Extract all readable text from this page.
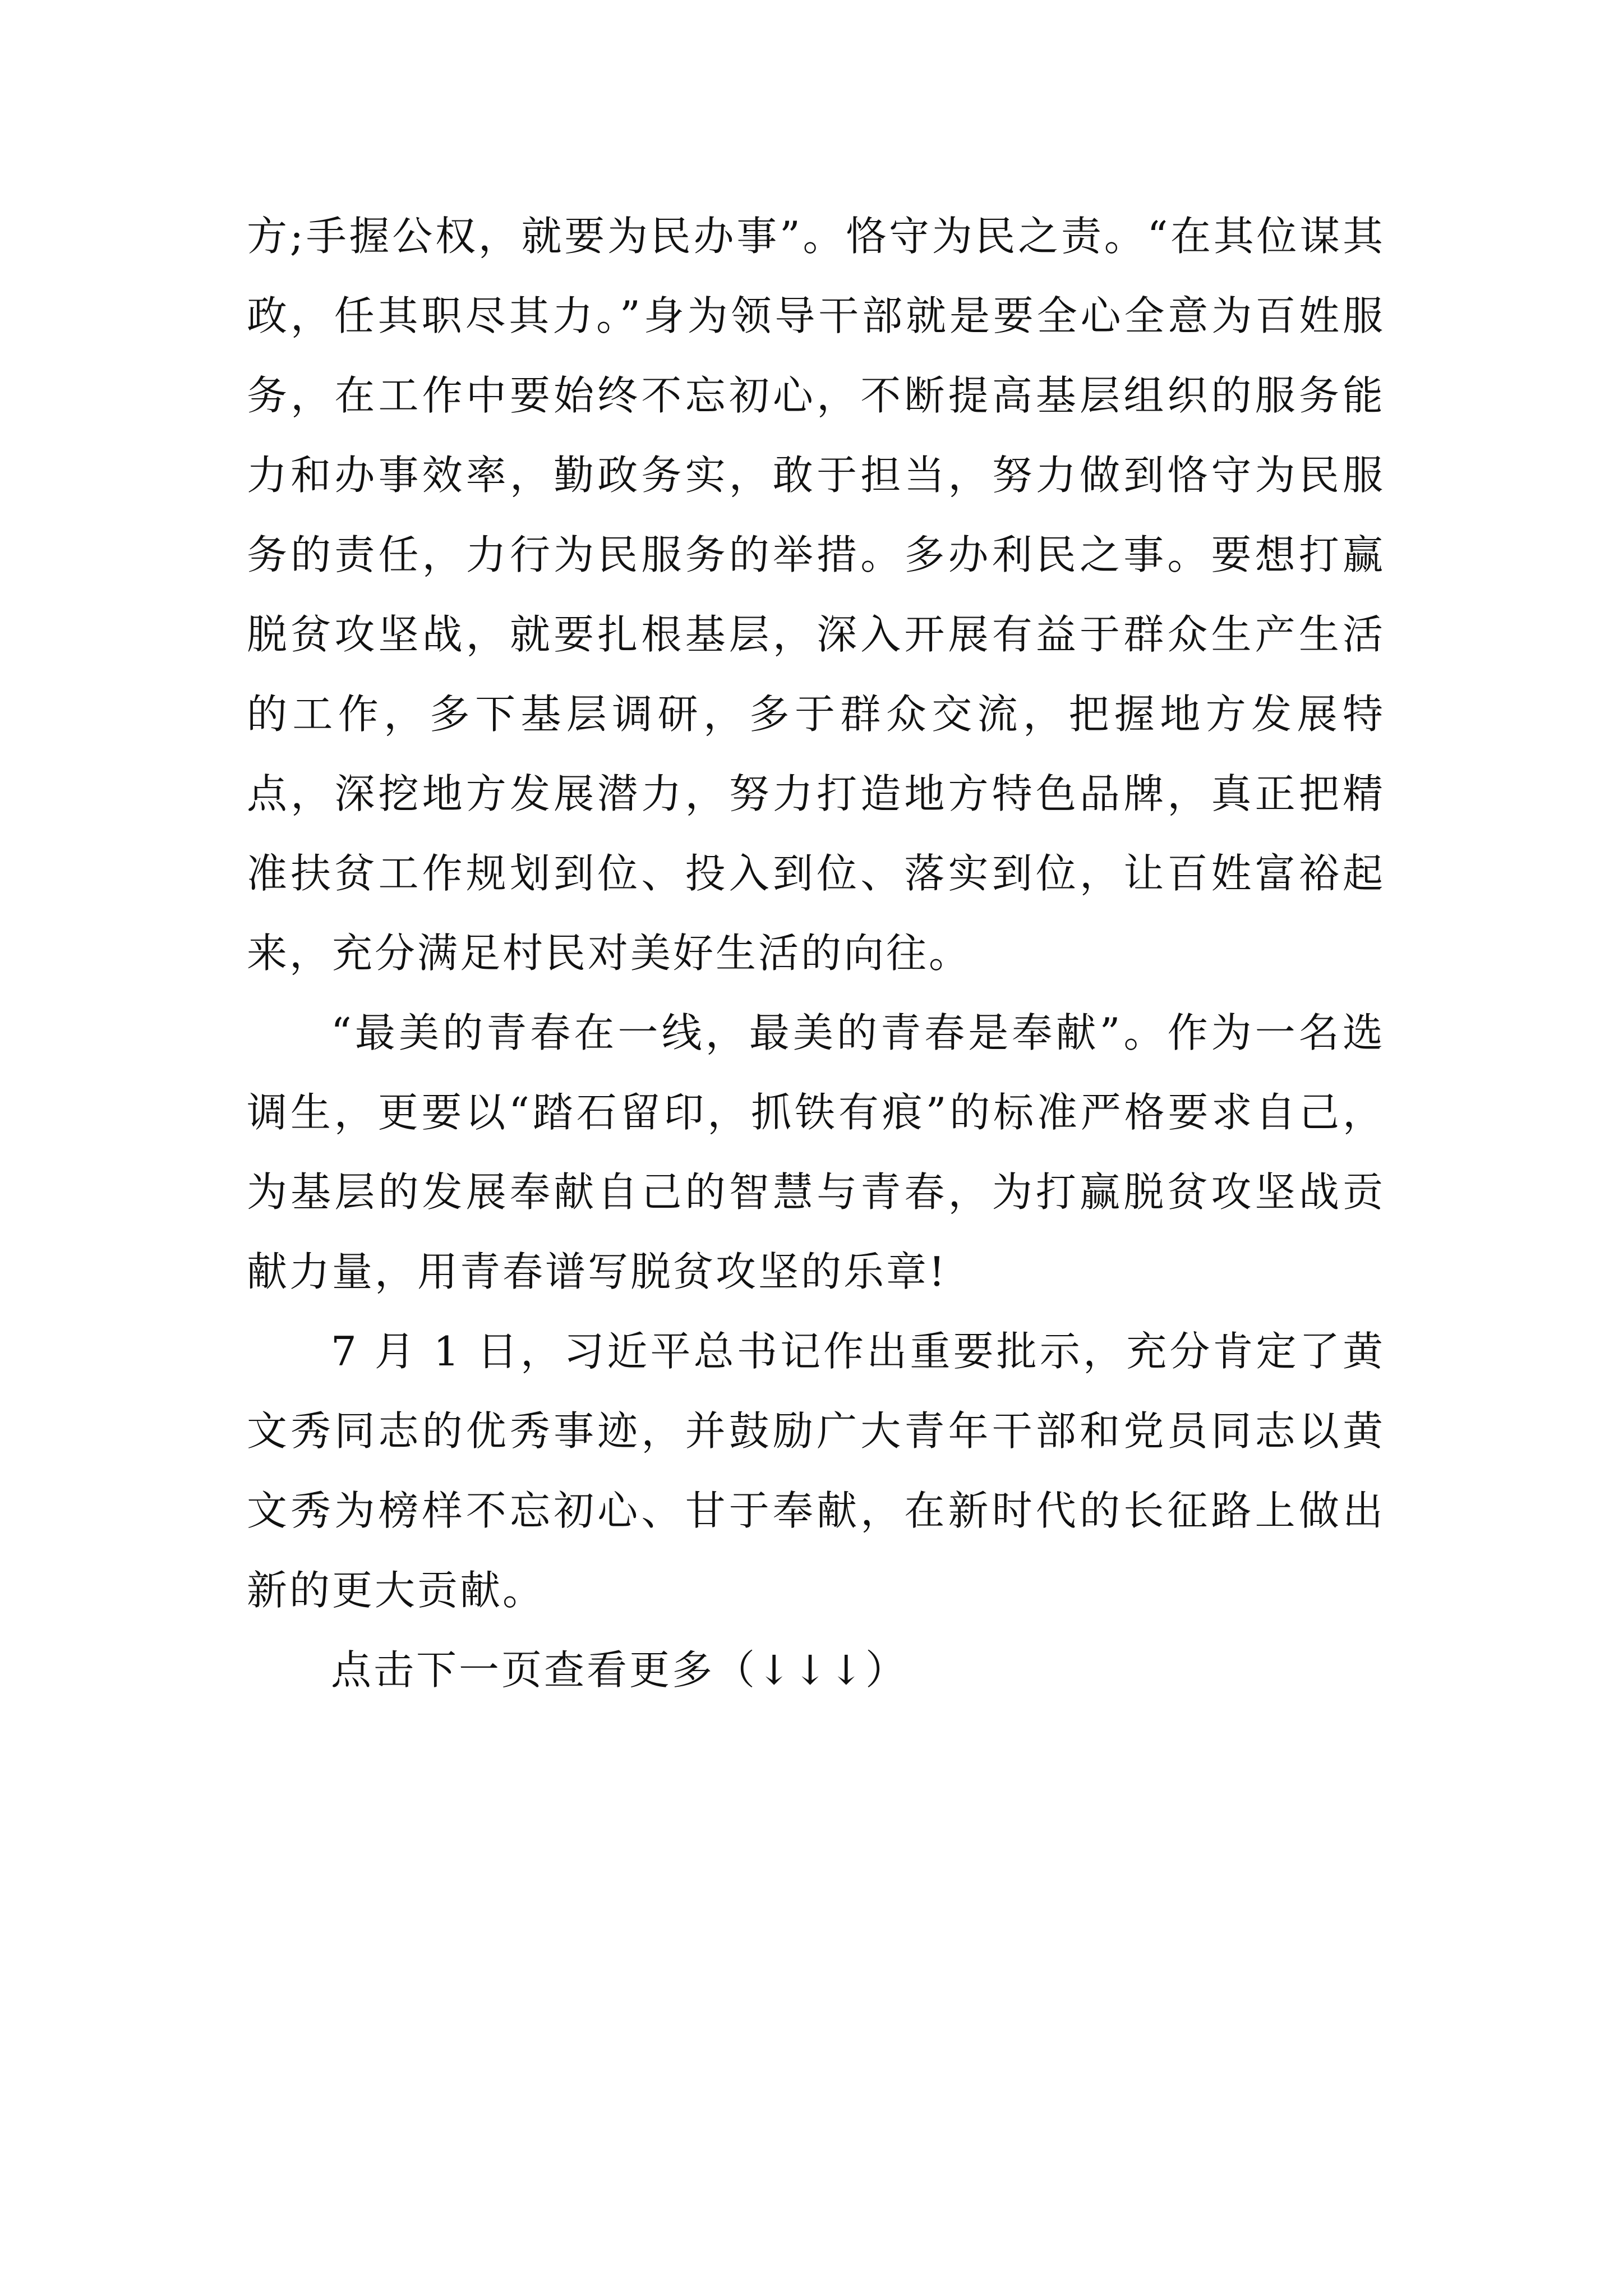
方;手握公权，就要为民办事”。恪守为民之责。“在其位谋其政，任其职尽其力。”身为领导干部就是要全心全意为百姓服务，在工作中要始终不忘初心，不断提高基层组织的服务能力和办事效率，勤政务实，敢于担当，努力做到恪守为民服务的责任，力行为民服务的举措。多办利民之事。要想打赢脱贫攻坚战，就要扎根基层，深入开展有益于群众生产生活的工作，多下基层调研，多于群众交流，把握地方发展特点，深挖地方发展潜力，努力打造地方特色品牌，真正把精准扶贫工作规划到位、投入到位、落实到位，让百姓富裕起来，充分满足村民对美好生活的向往。

“最美的青春在一线，最美的青春是奉献”。作为一名选调生，更要以“踏石留印，抓铁有痕”的标准严格要求自己，为基层的发展奉献自己的智慧与青春，为打赢脱贫攻坚战贡献力量，用青春谱写脱贫攻坚的乐章!

7 月 1 日，习近平总书记作出重要批示，充分肯定了黄文秀同志的优秀事迹，并鼓励广大青年干部和党员同志以黄文秀为榜样不忘初心、甘于奉献，在新时代的长征路上做出新的更大贡献。

点击下一页查看更多（↓↓↓）
